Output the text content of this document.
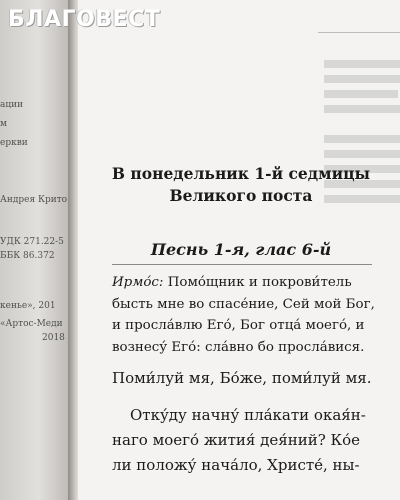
ации
м
еркви
Андрея Крито
УДК 271.22-5
ББК 86.372
кенье», 201
«Артос-Меди
2018
БЛАГОВЕСТ
В понедельник 1-й седмицы
Великого поста
Песнь 1-я, глас 6-й
Ирмо́с: Помо́щник и покрови́тель
бысть мне во спасе́ние, Сей мой Бог,
и просла́влю Его́, Бог отца́ моего́, и
вознесу́ Его́: сла́вно бо просла́вися.
Поми́луй мя, Бо́же, поми́луй мя.
Отку́ду начну́ пла́кати окая́н-
наго моего́ жития́ дея́ний? Ко́е
ли положу́ нача́ло, Христе́, ны-
